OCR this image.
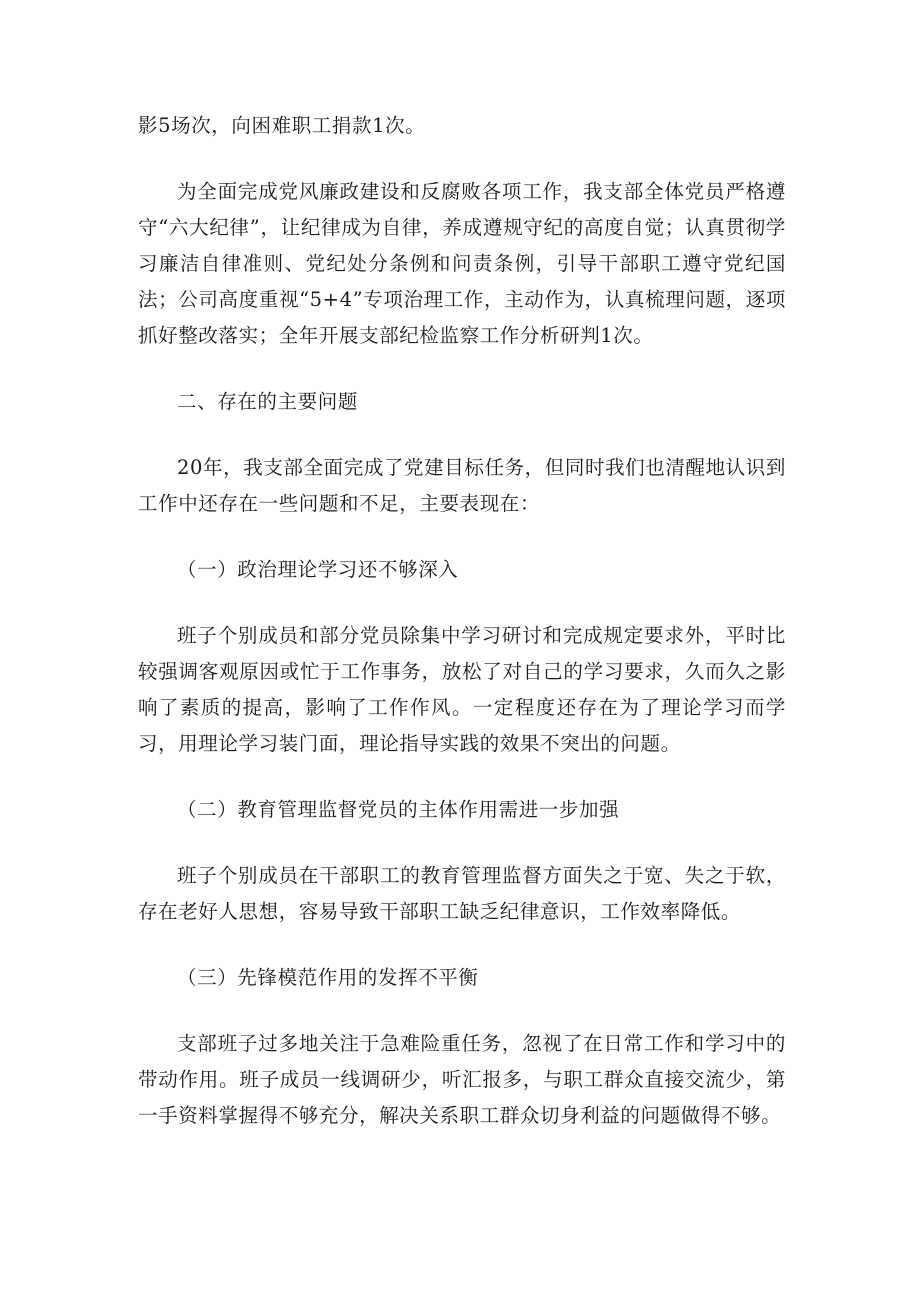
影5场次，向困难职工捐款1次。

为全面完成党风廉政建设和反腐败各项工作，我支部全体党员严格遵守“六大纪律”，让纪律成为自律，养成遵规守纪的高度自觉；认真贯彻学习廉洁自律准则、党纪处分条例和问责条例，引导干部职工遵守党纪国法；公司高度重视“5+4”专项治理工作，主动作为，认真梳理问题，逐项抓好整改落实；全年开展支部纪检监察工作分析研判1次。

二、存在的主要问题

20年，我支部全面完成了党建目标任务，但同时我们也清醒地认识到工作中还存在一些问题和不足，主要表现在：

（一）政治理论学习还不够深入

班子个别成员和部分党员除集中学习研讨和完成规定要求外，平时比较强调客观原因或忙于工作事务，放松了对自己的学习要求，久而久之影响了素质的提高，影响了工作作风。一定程度还存在为了理论学习而学习，用理论学习装门面，理论指导实践的效果不突出的问题。

（二）教育管理监督党员的主体作用需进一步加强

班子个别成员在干部职工的教育管理监督方面失之于宽、失之于软，存在老好人思想，容易导致干部职工缺乏纪律意识，工作效率降低。

（三）先锋模范作用的发挥不平衡

支部班子过多地关注于急难险重任务，忽视了在日常工作和学习中的带动作用。班子成员一线调研少，听汇报多，与职工群众直接交流少，第一手资料掌握得不够充分，解决关系职工群众切身利益的问题做得不够。
